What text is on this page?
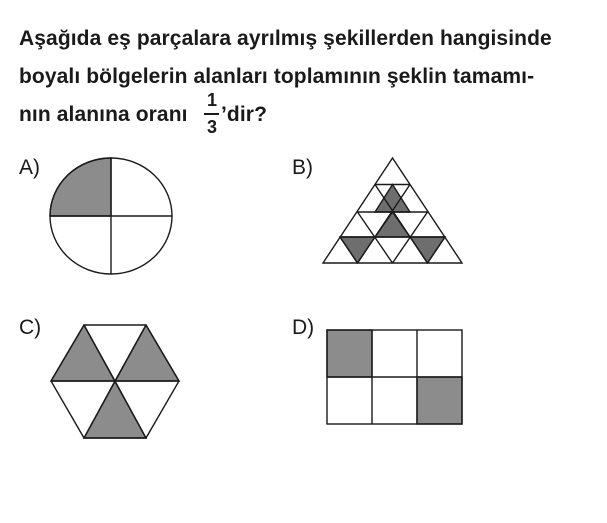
Aşağıda eş parçalara ayrılmış şekillerden hangisinde
boyalı bölgelerin alanları toplamının şeklin tamamı-
nın alanına oranı
1
3
’dir?
A)	B)
C)	D)
